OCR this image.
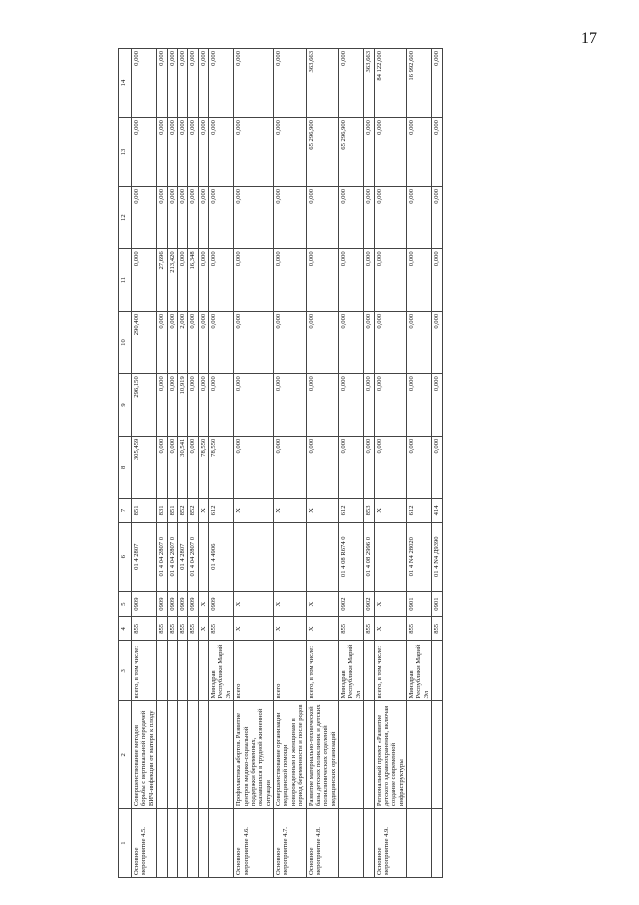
17
1	2	3	4	5	6	7	8	9	10	11	12	13	14
Основное мероприятие 4.5.	Совершенствование методов борьбы с вертикальной передачей ВИЧ-инфекции от матери к плоду	всего, в том числе:	855	0909	01 4 2807	851	305,459	296,150	290,400	0,000	0,000	0,000	0,000
			855	0909	01 4 04 2807 0	831	0,000	0,000	0,000	27,696	0,000	0,000	0,000
			855	0909	01 4 04 2807 0	851	0,000	0,000	0,000	213,420	0,000	0,000	0,000
			855	0909	01 4 2807	852	30,541	10,919	2,000	0,000	0,000	0,000	0,000
			855	0909	01 4 04 2807 0	852	0,000	0,000	0,000	16,348	0,000	0,000	0,000
			X	X		X	78,550	0,000	0,000	0,000	0,000	0,000	0,000
		Минздрав Республики Марий Эл	855	0909	01 4 4906	612	78,550	0,000	0,000	0,000	0,000	0,000	0,000
Основное мероприятие 4.6.	Профилактика абортов. Развитие центров медико-социальной поддержки беременных, оказавшихся в трудной жизненной ситуации	всего	X	X		X	0,000	0,000	0,000	0,000	0,000	0,000	0,000
Основное мероприятие 4.7.	Совершенствование организации медицинской помощи новорожденным и женщинам в период беременности и после родов	всего	X	X		X	0,000	0,000	0,000	0,000	0,000	0,000	0,000
Основное мероприятие 4.8.	Развитие материально-технической базы детских поликлиник и детских поликлинических отделений медицинских организаций	всего, в том числе:	X	X		X	0,000	0,000	0,000	0,000	0,000	65 296,900	363,663
		Минздрав Республики Марий Эл	855	0902	01 4 08 R674 0	612	0,000	0,000	0,000	0,000	0,000	65 296,900	0,000
			855	0902	01 4 08 2996 0	853	0,000	0,000	0,000	0,000	0,000	0,000	363,663
Основное мероприятие 4.9.	Региональный проект «Развитие детского здравоохранения, включая создание современной инфраструктуры	всего, в том числе:	X	X		X	0,000	0,000	0,000	0,000	0,000	0,000	84 122,000
		Минздрав Республики Марий Эл	855	0901	01 4 N4 28020	612	0,000	0,000	0,000	0,000	0,000	0,000	16 992,600
			855	0901	01 4 N4 Д9390	414	0,000	0,000	0,000	0,000	0,000	0,000	0,000
